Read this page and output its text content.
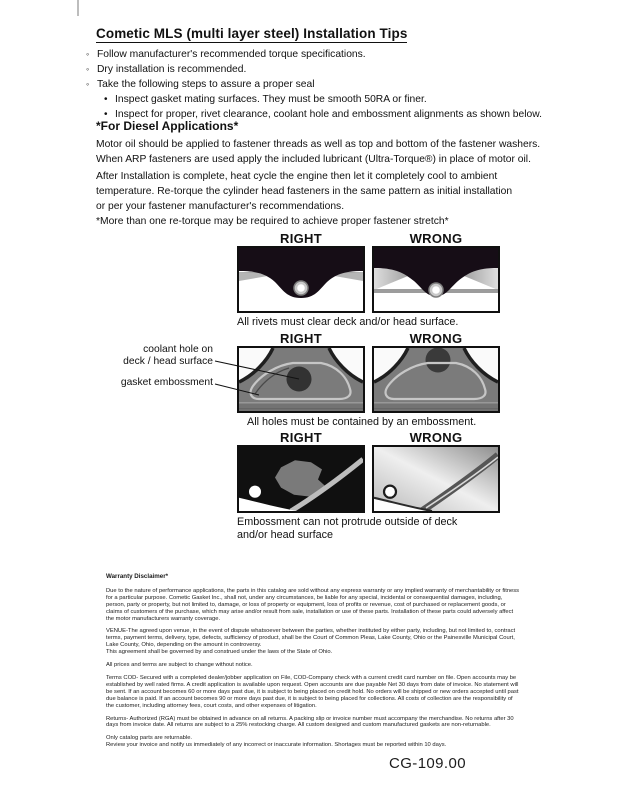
Cometic MLS (multi layer steel) Installation Tips
◦ Follow manufacturer's recommended torque specifications.
◦ Dry installation is recommended.
◦ Take the following steps to assure a proper seal
• Inspect gasket mating surfaces. They must be smooth 50RA or finer.
• Inspect for proper, rivet clearance, coolant hole and embossment alignments as shown below.
*For Diesel Applications*
Motor oil should be applied to fastener threads as well as top and bottom of the fastener washers.
When ARP fasteners are used apply the included lubricant (Ultra-Torque®) in place of motor oil.
After Installation is complete, heat cycle the engine then let it completely cool to ambient
temperature. Re-torque the cylinder head fasteners in the same pattern as initial installation
or per your fastener manufacturer's recommendations.
*More than one re-torque may be required to achieve proper fastener stretch*
RIGHT	WRONG
All rivets must clear deck and/or head surface.
RIGHT	WRONG
All holes must be contained by an embossment.
coolant hole on
deck / head surface
gasket embossment
RIGHT	WRONG
Embossment can not protrude outside of deck
and/or head surface
Warranty Disclaimer*
Due to the nature of performance applications, the parts in this catalog are sold without any express warranty or any implied warranty of merchantability or fitness for a particular purpose. Cometic Gasket Inc., shall not, under any circumstances, be liable for any special, incidental or consequential damages, including, person, party or property, but not limited to, damage, or loss of property or equipment, loss of profits or revenue, cost of purchased or replacement goods, or claims of customers of the purchase, which may arise and/or result from sale, installation or use of these parts. Installation of these parts could adversely affect the motor manufacturers warranty coverage.
VENUE-The agreed upon venue, in the event of dispute whatsoever between the parties, whether instituted by either party, including, but not limited to, contract terms, payment terms, delivery, type, defects, sufficiency of product, shall be the Court of Common Pleas, Lake County, Ohio or the Painesville Municipal Court, Lake County, Ohio, depending on the amount in controversy.
This agreement shall be governed by and construed under the laws of the State of Ohio.
All prices and terms are subject to change without notice.
Terms COD- Secured with a completed dealer/jobber application on File, COD-Company check with a current credit card number on file. Open accounts may be established by well rated firms. A credit application is available upon request. Open accounts are due payable Net 30 days from date of invoice. No statement will be sent. If an account becomes 60 or more days past due, it is subject to being placed on credit hold. No orders will be shipped or new orders accepted until past due balance is paid. If an account becomes 90 or more days past due, it is subject to being placed for collections. All costs of collection are the responsibility of the customer, including attorney fees, court costs, and other expenses of litigation.
Returns- Authorized (RGA) must be obtained in advance on all returns. A packing slip or invoice number must accompany the merchandise. No returns after 30 days from invoice date. All returns are subject to a 25% restocking charge. All custom designed and custom manufactured gaskets are non-returnable.
Only catalog parts are returnable.
Review your invoice and notify us immediately of any incorrect or inaccurate information. Shortages must be reported within 10 days.
CG-109.00
